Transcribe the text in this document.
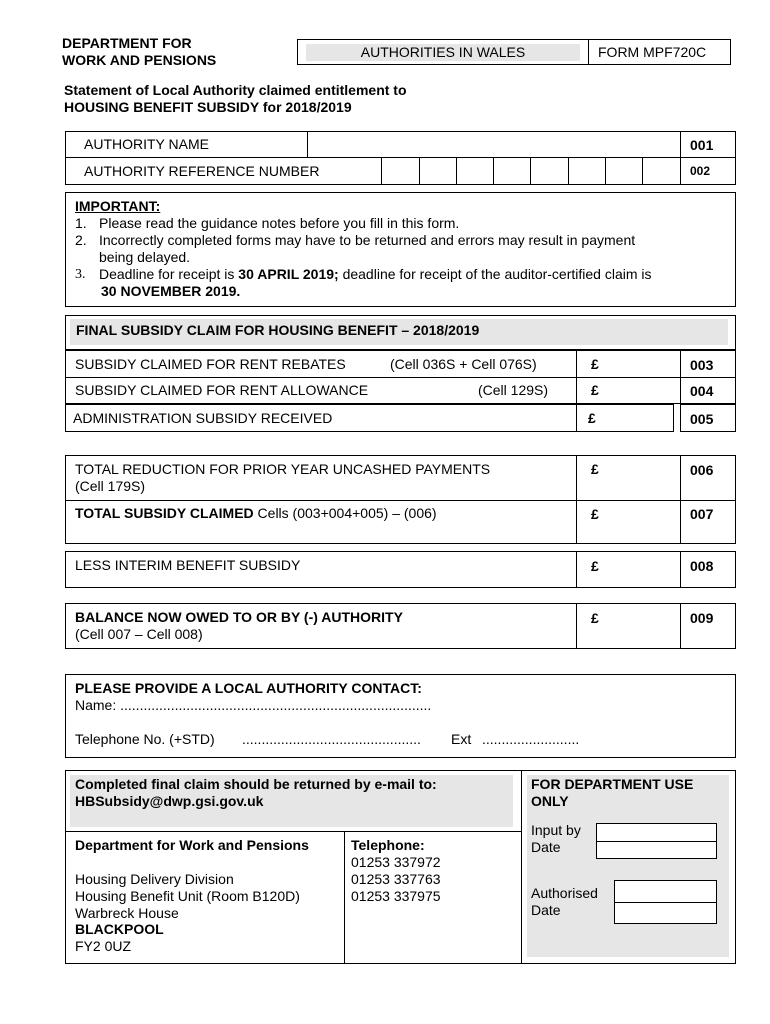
DEPARTMENT FOR
WORK AND PENSIONS	AUTHORITIES IN WALES	FORM MPF720C
Statement of Local Authority claimed entitlement to
HOUSING BENEFIT SUBSIDY for 2018/2019
AUTHORITY NAME	001
AUTHORITY REFERENCE NUMBER	002
IMPORTANT:
1. Please read the guidance notes before you fill in this form.
2. Incorrectly completed forms may have to be returned and errors may result in payment
being delayed.
3. Deadline for receipt is 30 APRIL 2019; deadline for receipt of the auditor-certified claim is
30 NOVEMBER 2019.
FINAL SUBSIDY CLAIM FOR HOUSING BENEFIT – 2018/2019
SUBSIDY CLAIMED FOR RENT REBATES	(Cell 036S + Cell 076S)	£	003
SUBSIDY CLAIMED FOR RENT ALLOWANCE	(Cell 129S)	£	004
ADMINISTRATION SUBSIDY RECEIVED	£	005
TOTAL REDUCTION FOR PRIOR YEAR UNCASHED PAYMENTS
(Cell 179S)
£	006
TOTAL SUBSIDY CLAIMED Cells (003+004+005) – (006)	£	007
LESS INTERIM BENEFIT SUBSIDY	£	008
BALANCE NOW OWED TO OR BY (-) AUTHORITY
(Cell 007 – Cell 008)
£	009
PLEASE PROVIDE A LOCAL AUTHORITY CONTACT:
Name: ................................................................................
Telephone No. (+STD) .............................................. Ext .........................
Completed final claim should be returned by e-mail to:
HBSubsidy@dwp.gsi.gov.uk
Department for Work and Pensions
Housing Delivery Division
Housing Benefit Unit (Room B120D)
Warbreck House
BLACKPOOL
FY2 0UZ
Telephone:
01253 337972
01253 337763
01253 337975
FOR DEPARTMENT USE
ONLY
Input by
Date
Authorised
Date
